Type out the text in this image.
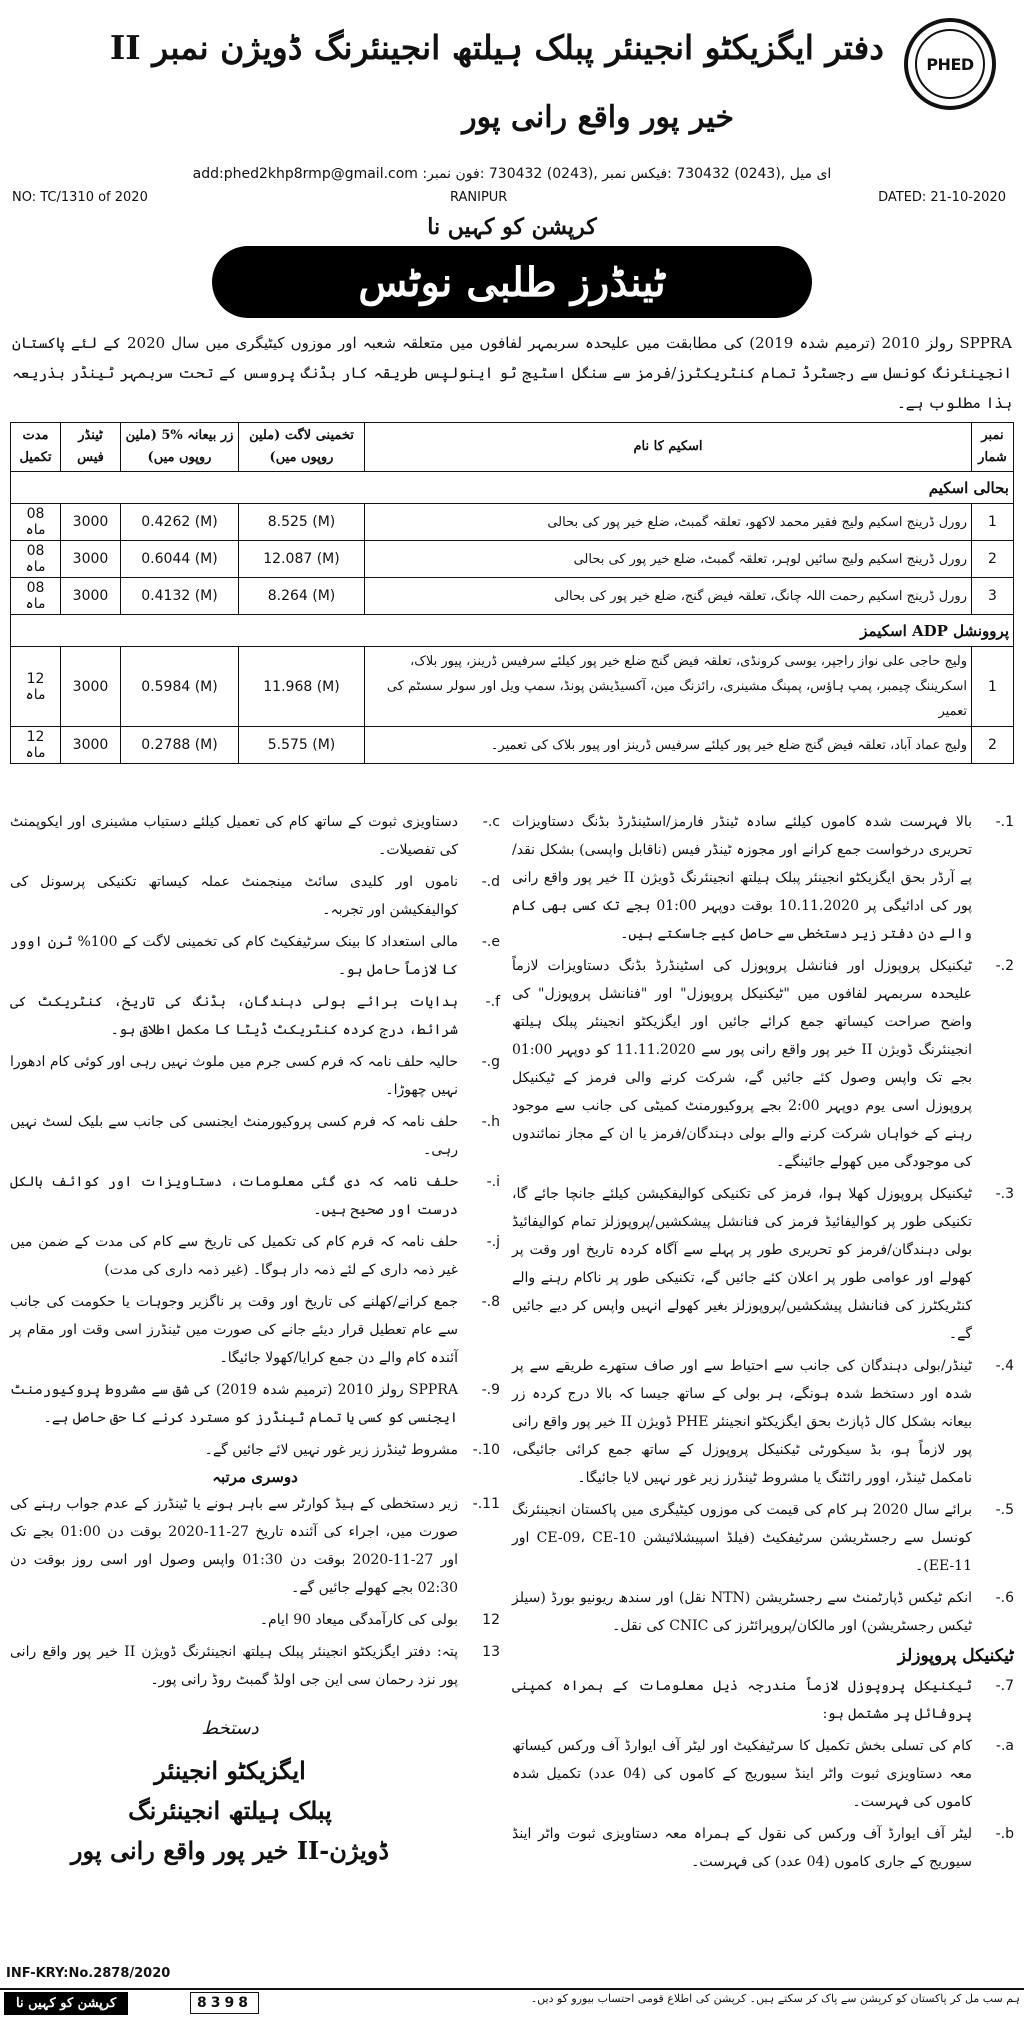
PHED
دفتر ایگزیکٹو انجینئر پبلک ہیلتھ انجینئرنگ ڈویژن نمبر II
خیر پور واقع رانی پور
add:phed2khp8rmp@gmail.com :ای میل ,(0243) 730432 :فیکس نمبر ,(0243) 730432 :فون نمبر
NO: TC/1310 of 2020	RANIPUR	DATED: 21-10-2020
کرپشن کو کہیں نا
ٹینڈرز طلبی نوٹس
SPPRA رولز 2010 (ترمیم شدہ 2019) کی مطابقت میں علیحدہ سربمہر لفافوں میں متعلقہ شعبہ اور موزوں کیٹیگری میں سال 2020 کے لئے پاکستان انجینئرنگ کونسل سے رجسٹرڈ تمام کنٹریکٹرز/فرمز سے سنگل اسٹیج ٹو اینولپس طریقہ کار بڈنگ پروسس کے تحت سربمہر ٹینڈر بذریعہ ہذا مطلوب ہے۔
نمبر شمار	اسکیم کا نام	تخمینی لاگت (ملین روپوں میں)	زر بیعانہ %5 (ملین روپوں میں)	ٹینڈر فیس	مدت تکمیل
بحالی اسکیم					
1	رورل ڈرینج اسکیم ولیج فقیر محمد لاکھو، تعلقہ گمبٹ، ضلع خیر پور کی بحالی	8.525 (M)	0.4262 (M)	3000	08 ماہ
2	رورل ڈرینج اسکیم ولیج سائیں لوہر، تعلقہ گمبٹ، ضلع خیر پور کی بحالی	12.087 (M)	0.6044 (M)	3000	08 ماہ
3	رورل ڈرینج اسکیم رحمت اللہ چانگ، تعلقہ فیض گنج، ضلع خیر پور کی بحالی	8.264 (M)	0.4132 (M)	3000	08 ماہ
پروونشل ADP اسکیمز					
1	ولیج حاجی علی نواز راجپر، یوسی کرونڈی، تعلقہ فیض گنج ضلع خیر پور کیلئے سرفیس ڈرینز، پیور بلاک، اسکریننگ چیمبر، پمپ ہاؤس، پمپنگ مشینری، رائزنگ مین، آکسیڈیشن پونڈ، سمپ ویل اور سولر سسٹم کی تعمیر	11.968 (M)	0.5984 (M)	3000	12 ماہ
2	ولیج عماد آباد، تعلقہ فیض گنج ضلع خیر پور کیلئے سرفیس ڈرینز اور پیور بلاک کی تعمیر۔	5.575 (M)	0.2788 (M)	3000	12 ماہ
1.-
بالا فہرست شدہ کاموں کیلئے سادہ ٹینڈر فارمز/اسٹینڈرڈ بڈنگ دستاویزات تحریری درخواست جمع کرانے اور مجوزہ ٹینڈر فیس (ناقابل واپسی) بشکل نقد/پے آرڈر بحق ایگزیکٹو انجینئر پبلک ہیلتھ انجینئرنگ ڈویژن II خیر پور واقع رانی پور کی ادائیگی پر 10.11.2020 بوقت دوپہر 01:00 بجے تک کسی بھی کام والے دن دفتر زیر دستخطی سے حاصل کیے جاسکتے ہیں۔
2.-
ٹیکنیکل پروپوزل اور فنانشل پروپوزل کی اسٹینڈرڈ بڈنگ دستاویزات لازماً علیحدہ سربمہر لفافوں میں "ٹیکنیکل پروپوزل" اور "فنانشل پروپوزل" کی واضح صراحت کیساتھ جمع کرائے جائیں اور ایگزیکٹو انجینئر پبلک ہیلتھ انجینئرنگ ڈویژن II خیر پور واقع رانی پور سے 11.11.2020 کو دوپہر 01:00 بجے تک واپس وصول کئے جائیں گے، شرکت کرنے والی فرمز کے ٹیکنیکل پروپوزل اسی یوم دوپہر 2:00 بجے پروکیورمنٹ کمیٹی کی جانب سے موجود رہنے کے خواہاں شرکت کرنے والے بولی دہندگان/فرمز یا ان کے مجاز نمائندوں کی موجودگی میں کھولے جائینگے۔
3.-
ٹیکنیکل پروپوزل کھلا ہوا، فرمز کی تکنیکی کوالیفکیشن کیلئے جانچا جائے گا، تکنیکی طور پر کوالیفائیڈ فرمز کی فنانشل پیشکشیں/پروپوزلز تمام کوالیفائیڈ بولی دہندگان/فرمز کو تحریری طور پر پہلے سے آگاہ کردہ تاریخ اور وقت پر کھولے اور عوامی طور پر اعلان کئے جائیں گے، تکنیکی طور پر ناکام رہنے والے کنٹریکٹرز کی فنانشل پیشکشیں/پروپوزلز بغیر کھولے انہیں واپس کر دیے جائیں گے۔
4.-
ٹینڈر/بولی دہندگان کی جانب سے احتیاط سے اور صاف ستھرے طریقے سے پر شدہ اور دستخط شدہ ہونگے، ہر بولی کے ساتھ جیسا کہ بالا درج کردہ زر بیعانہ بشکل کال ڈپازٹ بحق ایگزیکٹو انجینئر PHE ڈویژن II خیر پور واقع رانی پور لازماً ہو، بڈ سیکورٹی ٹیکنیکل پروپوزل کے ساتھ جمع کرائی جائیگی، نامکمل ٹینڈر، اوور رائٹنگ یا مشروط ٹینڈرز زیر غور نہیں لایا جائیگا۔
5.-
برائے سال 2020 ہر کام کی قیمت کی موزوں کیٹیگری میں پاکستان انجینئرنگ کونسل سے رجسٹریشن سرٹیفکیٹ (فیلڈ اسپیشلائیشن CE-09، CE-10 اور EE-11)۔
6.-
انکم ٹیکس ڈپارٹمنٹ سے رجسٹریشن (NTN نقل) اور سندھ ریونیو بورڈ (سیلز ٹیکس رجسٹریشن) اور مالکان/پروپرائٹرز کی CNIC کی نقل۔
ٹیکنیکل پروپوزلز
7.-
ٹیکنیکل پروپوزل لازماً مندرجہ ذیل معلومات کے ہمراہ کمپنی پروفائل پر مشتمل ہو:
a.-
کام کی تسلی بخش تکمیل کا سرٹیفکیٹ اور لیٹر آف ایوارڈ آف ورکس کیساتھ معہ دستاویزی ثبوت واٹر اینڈ سیوریج کے کاموں کی (04 عدد) تکمیل شدہ کاموں کی فہرست۔
b.-
لیٹر آف ایوارڈ آف ورکس کی نقول کے ہمراہ معہ دستاویزی ثبوت واٹر اینڈ سیوریج کے جاری کاموں (04 عدد) کی فہرست۔
c.-
دستاویزی ثبوت کے ساتھ کام کی تعمیل کیلئے دستیاب مشینری اور ایکوپمنٹ کی تفصیلات۔
d.-
ناموں اور کلیدی سائٹ مینجمنٹ عملہ کیساتھ تکنیکی پرسونل کی کوالیفکیشن اور تجربہ۔
e.-
مالی استعداد کا بینک سرٹیفکیٹ کام کی تخمینی لاگت کے 100% ٹرن اوور کا لازماً حامل ہو۔
f.-
ہدایات برائے بولی دہندگان، بڈنگ کی تاریخ، کنٹریکٹ کی شرائط، درج کردہ کنٹریکٹ ڈیٹا کا مکمل اطلاق ہو۔
g.-
حالیہ حلف نامہ کہ فرم کسی جرم میں ملوث نہیں رہی اور کوئی کام ادھورا نہیں چھوڑا۔
h.-
حلف نامہ کہ فرم کسی پروکیورمنٹ ایجنسی کی جانب سے بلیک لسٹ نہیں رہی۔
i.-
حلف نامہ کہ دی گئی معلومات، دستاویزات اور کوائف بالکل درست اور صحیح ہیں۔
j.-
حلف نامہ کہ فرم کام کی تکمیل کی تاریخ سے کام کی مدت کے ضمن میں غیر ذمہ داری کے لئے ذمہ دار ہوگا۔ (غیر ذمہ داری کی مدت)
8.-
جمع کرانے/کھلنے کی تاریخ اور وقت پر ناگزیر وجوہات یا حکومت کی جانب سے عام تعطیل قرار دیئے جانے کی صورت میں ٹینڈرز اسی وقت اور مقام پر آئندہ کام والے دن جمع کرایا/کھولا جائیگا۔
9.-
SPPRA رولز 2010 (ترمیم شدہ 2019) کی شق سے مشروط پروکیورمنٹ ایجنسی کو کسی یا تمام ٹینڈرز کو مسترد کرنے کا حق حاصل ہے۔
10.-
مشروط ٹینڈرز زیر غور نہیں لائے جائیں گے۔
دوسری مرتبہ
11.-
زیر دستخطی کے ہیڈ کوارٹر سے باہر ہونے یا ٹینڈرز کے عدم جواب رہنے کی صورت میں، اجراء کی آئندہ تاریخ 27-11-2020 بوقت دن 01:00 بجے تک اور 27-11-2020 بوقت دن 01:30 واپس وصول اور اسی روز بوقت دن 02:30 بجے کھولے جائیں گے۔
12
بولی کی کارآمدگی میعاد 90 ایام۔
13
پتہ: دفتر ایگزیکٹو انجینئر پبلک ہیلتھ انجینئرنگ ڈویژن II خیر پور واقع رانی پور نزد رحمان سی این جی اولڈ گمبٹ روڈ رانی پور۔
دستخط
ایگزیکٹو انجینئر
پبلک ہیلتھ انجینئرنگ
ڈویژن-II خیر پور واقع رانی پور
INF-KRY:No.2878/2020
کرپشن کو کہیں نا	8398	ہم سب مل کر پاکستان کو کرپشن سے پاک کر سکتے ہیں۔ کرپشن کی اطلاع قومی احتساب بیورو کو دیں۔
